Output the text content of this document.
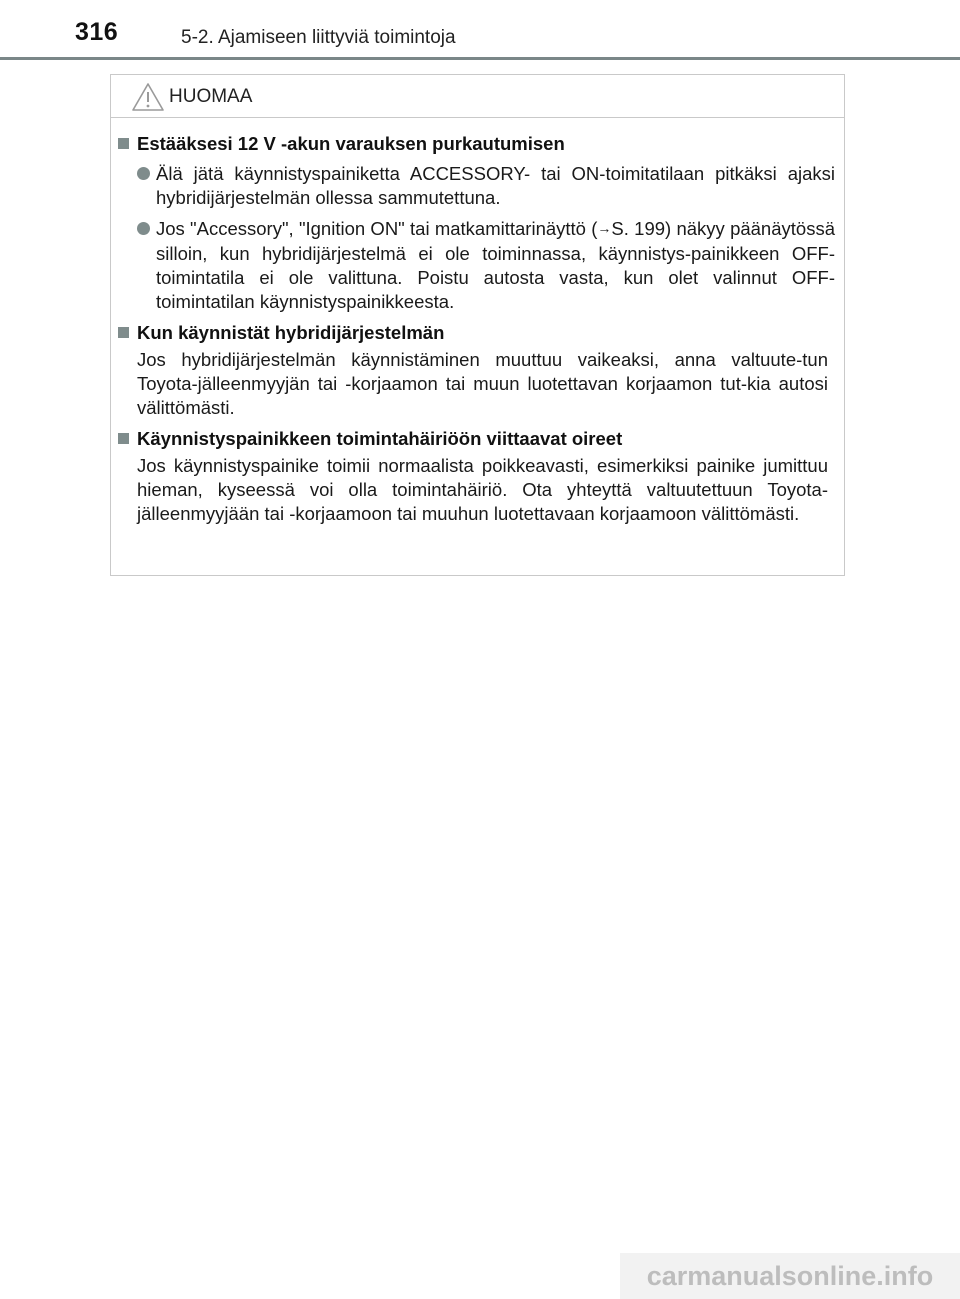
316	5-2. Ajamiseen liittyviä toimintoja
HUOMAA
Estääksesi 12 V -akun varauksen purkautumisen
Älä jätä käynnistyspainiketta ACCESSORY- tai ON-toimitatilaan pitkäksi ajaksi hybridijärjestelmän ollessa sammutettuna.
Jos "Accessory", "Ignition ON" tai matkamittarinäyttö (→S. 199) näkyy päänäytössä silloin, kun hybridijärjestelmä ei ole toiminnassa, käynnistys-painikkeen OFF-toimintatila ei ole valittuna. Poistu autosta vasta, kun olet valinnut OFF-toimintatilan käynnistyspainikkeesta.
Kun käynnistät hybridijärjestelmän
Jos hybridijärjestelmän käynnistäminen muuttuu vaikeaksi, anna valtuute-tun Toyota-jälleenmyyjän tai -korjaamon tai muun luotettavan korjaamon tut-kia autosi välittömästi.
Käynnistyspainikkeen toimintahäiriöön viittaavat oireet
Jos käynnistyspainike toimii normaalista poikkeavasti, esimerkiksi painike jumittuu hieman, kyseessä voi olla toimintahäiriö. Ota yhteyttä valtuutettuun Toyota-jälleenmyyjään tai -korjaamoon tai muuhun luotettavaan korjaamoon välittömästi.
carmanualsonline.info
